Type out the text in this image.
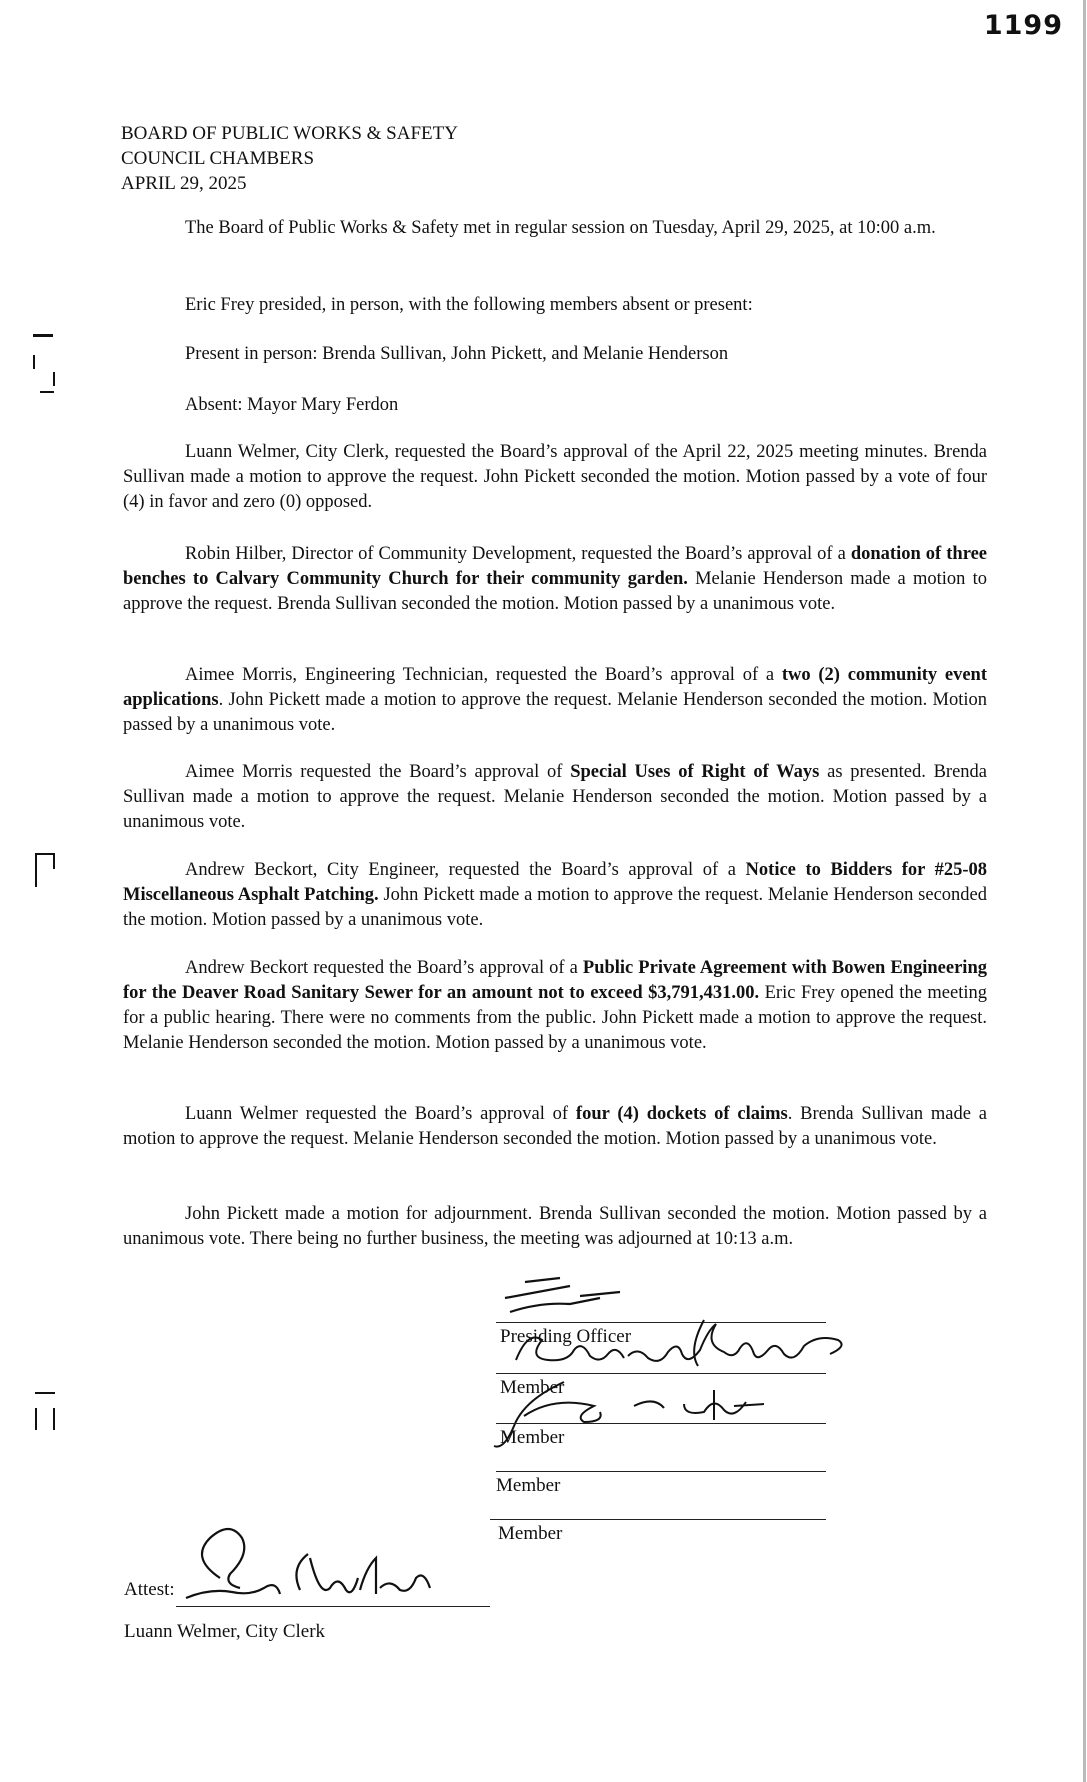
1199
BOARD OF PUBLIC WORKS & SAFETY
COUNCIL CHAMBERS
APRIL 29, 2025
The Board of Public Works & Safety met in regular session on Tuesday, April 29, 2025, at 10:00 a.m.
Eric Frey presided, in person, with the following members absent or present:
Present in person: Brenda Sullivan, John Pickett, and Melanie Henderson
Absent: Mayor Mary Ferdon
Luann Welmer, City Clerk, requested the Board’s approval of the April 22, 2025 meeting minutes. Brenda Sullivan made a motion to approve the request. John Pickett seconded the motion. Motion passed by a vote of four (4) in favor and zero (0) opposed.
Robin Hilber, Director of Community Development, requested the Board’s approval of a donation of three benches to Calvary Community Church for their community garden. Melanie Henderson made a motion to approve the request. Brenda Sullivan seconded the motion. Motion passed by a unanimous vote.
Aimee Morris, Engineering Technician, requested the Board’s approval of a two (2) community event applications. John Pickett made a motion to approve the request. Melanie Henderson seconded the motion. Motion passed by a unanimous vote.
Aimee Morris requested the Board’s approval of Special Uses of Right of Ways as presented. Brenda Sullivan made a motion to approve the request. Melanie Henderson seconded the motion. Motion passed by a unanimous vote.
Andrew Beckort, City Engineer, requested the Board’s approval of a Notice to Bidders for #25-08 Miscellaneous Asphalt Patching. John Pickett made a motion to approve the request. Melanie Henderson seconded the motion. Motion passed by a unanimous vote.
Andrew Beckort requested the Board’s approval of a Public Private Agreement with Bowen Engineering for the Deaver Road Sanitary Sewer for an amount not to exceed $3,791,431.00. Eric Frey opened the meeting for a public hearing. There were no comments from the public. John Pickett made a motion to approve the request. Melanie Henderson seconded the motion. Motion passed by a unanimous vote.
Luann Welmer requested the Board’s approval of four (4) dockets of claims. Brenda Sullivan made a motion to approve the request. Melanie Henderson seconded the motion. Motion passed by a unanimous vote.
John Pickett made a motion for adjournment. Brenda Sullivan seconded the motion. Motion passed by a unanimous vote. There being no further business, the meeting was adjourned at 10:13 a.m.
Presiding Officer
Member
Member
Member
Member
Attest:
Luann Welmer, City Clerk
